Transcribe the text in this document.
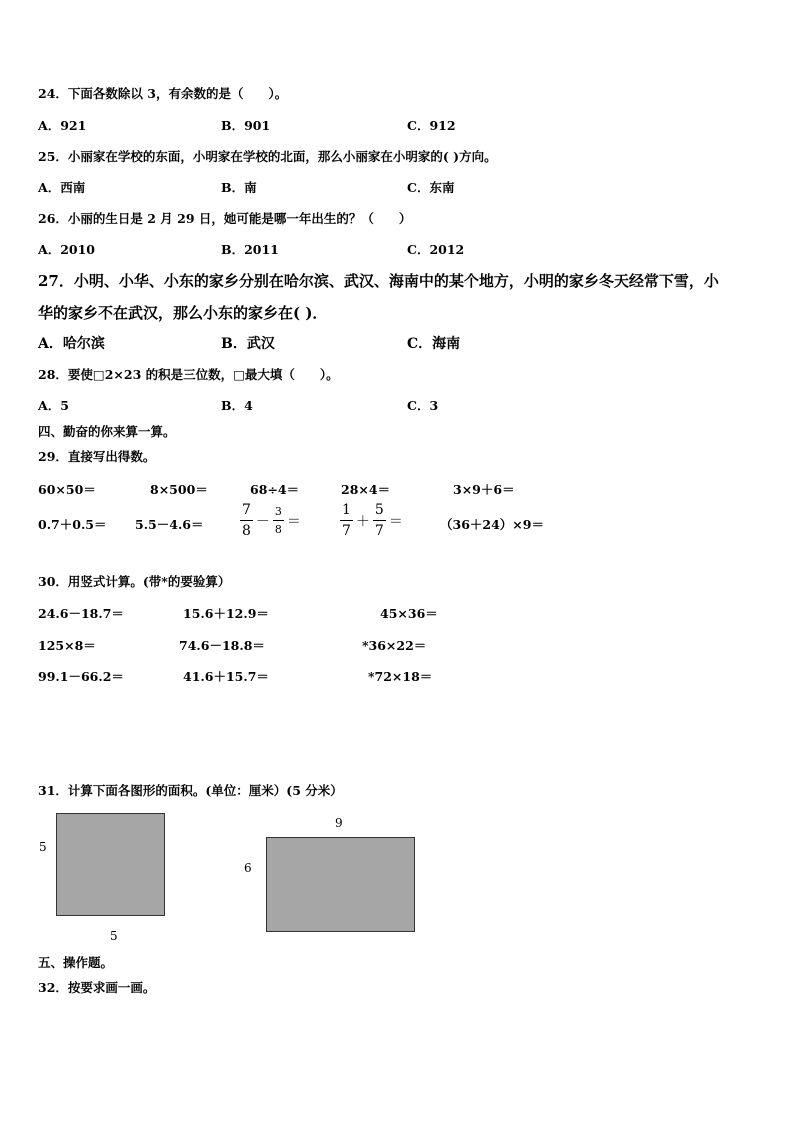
24．下面各数除以 3，有余数的是（　　）。
A．921	B．901	C．912
25．小丽家在学校的东面，小明家在学校的北面，那么小丽家在小明家的( )方向。
A．西南	B．南	C．东南
26．小丽的生日是 2 月 29 日，她可能是哪一年出生的？（　　）
A．2010	B．2011	C．2012
27．小明、小华、小东的家乡分别在哈尔滨、武汉、海南中的某个地方，小明的家乡冬天经常下雪，小
华的家乡不在武汉，那么小东的家乡在( )．
A．哈尔滨	B．武汉	C．海南
28．要使□2×23 的积是三位数，□最大填（　　）。
A．5	B．4	C．3
四、勤奋的你来算一算。
29．直接写出得数。
60×50＝	8×500＝	68÷4＝	28×4＝	3×9＋6＝
0.7＋0.5＝ 5.5－4.6＝	$\frac{7}{8} - \frac{3}{8}$ ＝	$\frac{1}{7} + \frac{5}{7}$ ＝	（36＋24）×9＝
30．用竖式计算。(带*的要验算）
24.6－18.7＝	15.6＋12.9＝	45×36＝
125×8＝	74.6－18.8＝	*36×22＝
99.1－66.2＝	41.6＋15.7＝	*72×18＝
31．计算下面各图形的面积。(单位：厘米）(5 分米）
5
5
9
6
五、操作题。
32．按要求画一画。
